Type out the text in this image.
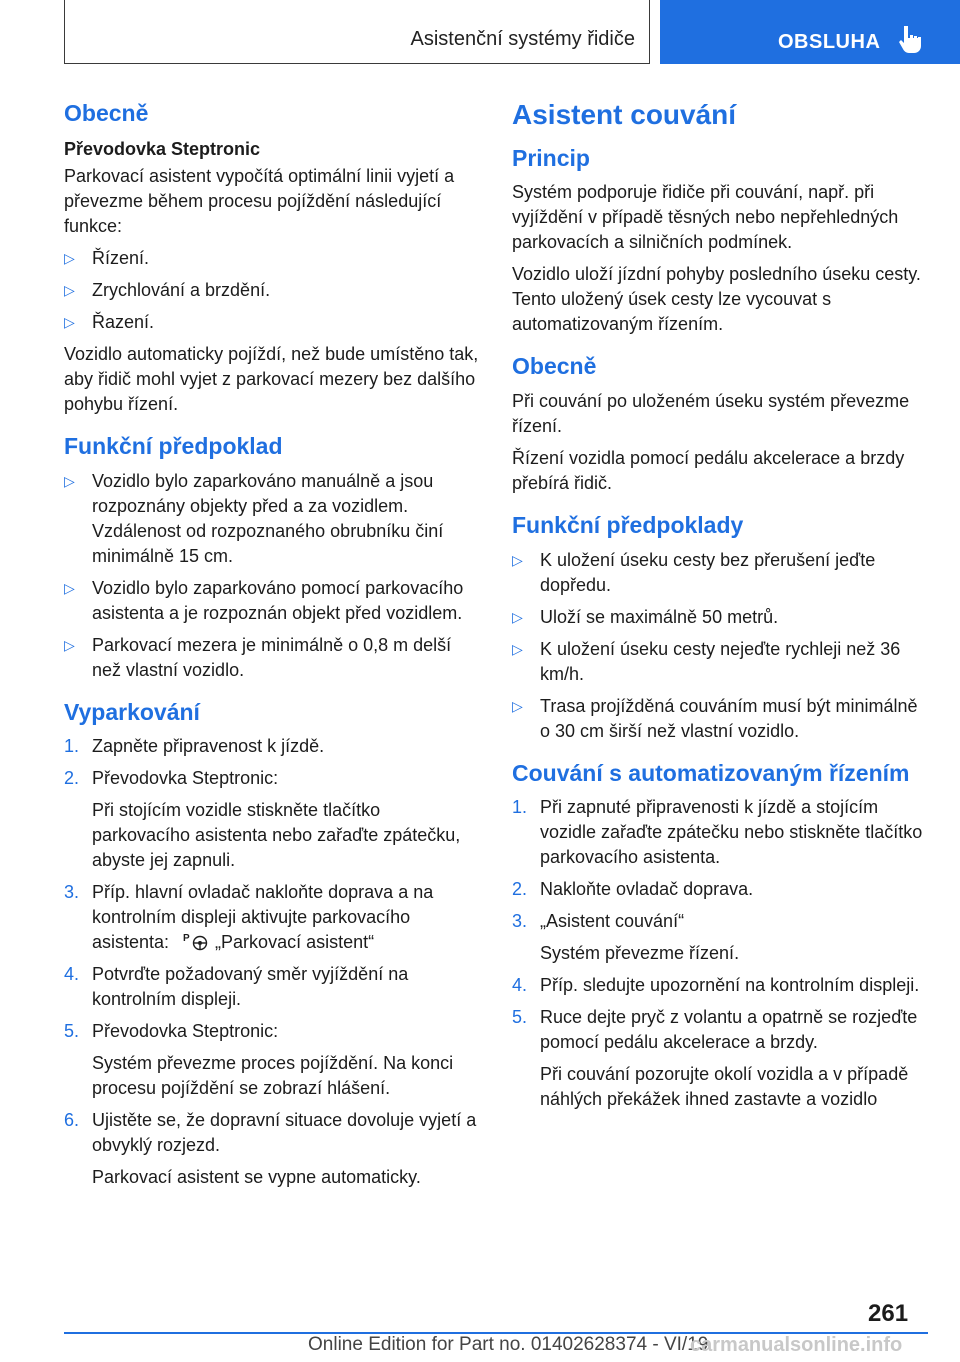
Asistenční systémy řidiče	OBSLUHA
Obecně
Převodovka Steptronic

Parkovací asistent vypočítá optimální linii vyjetí a převezme během procesu pojíždění následující funkce:

▷ Řízení.
▷ Zrychlování a brzdění.
▷ Řazení.

Vozidlo automaticky pojíždí, než bude umístěno tak, aby řidič mohl vyjet z parkovací mezery bez dalšího pohybu řízení.

Funkční předpoklad
▷ Vozidlo bylo zaparkováno manuálně a jsou rozpoznány objekty před a za vozidlem. Vzdálenost od rozpoznaného obrubníku činí minimálně 15 cm.
▷ Vozidlo bylo zaparkováno pomocí parkovacího asistenta a je rozpoznán objekt před vozidlem.
▷ Parkovací mezera je minimálně o 0,8 m delší než vlastní vozidlo.
Vyparkování
1. Zapněte připravenost k jízdě.
2. Převodovka Steptronic:

Při stojícím vozidle stiskněte tlačítko parkovacího asistenta nebo zařaďte zpátečku, abyste jej zapnuli.

3. Příp. hlavní ovladač nakloňte doprava a na kontrolním displeji aktivujte parkovacího asistenta: P „Parkovací asistent“
4. Potvrďte požadovaný směr vyjíždění na kontrolním displeji.
5. Převodovka Steptronic:

Systém převezme proces pojíždění. Na konci procesu pojíždění se zobrazí hlášení.

6. Ujistěte se, že dopravní situace dovoluje vyjetí a obvyklý rozjezd.

Parkovací asistent se vypne automaticky.

Asistent couvání
Princip

Systém podporuje řidiče při couvání, např. při vyjíždění v případě těsných nebo nepřehledných parkovacích a silničních podmínek.

Vozidlo uloží jízdní pohyby posledního úseku cesty. Tento uložený úsek cesty lze vycouvat s automatizovaným řízením.

Obecně

Při couvání po uloženém úseku systém převezme řízení.

Řízení vozidla pomocí pedálu akcelerace a brzdy přebírá řidič.

Funkční předpoklady
▷ K uložení úseku cesty bez přerušení jeďte dopředu.
▷ Uloží se maximálně 50 metrů.
▷ K uložení úseku cesty nejeďte rychleji než 36 km/h.
▷ Trasa projížděná couváním musí být minimálně o 30 cm širší než vlastní vozidlo.
Couvání s automatizovaným řízením
1. Při zapnuté připravenosti k jízdě a stojícím vozidle zařaďte zpátečku nebo stiskněte tlačítko parkovacího asistenta.
2. Nakloňte ovladač doprava.
3. „Asistent couvání“

Systém převezme řízení.

4. Příp. sledujte upozornění na kontrolním displeji.
5. Ruce dejte pryč z volantu a opatrně se rozjeďte pomocí pedálu akcelerace a brzdy.

Při couvání pozorujte okolí vozidla a v případě náhlých překážek ihned zastavte a vozidlo

261
Online Edition for Part no. 01402628374 - VI/19
carmanualsonline.info
